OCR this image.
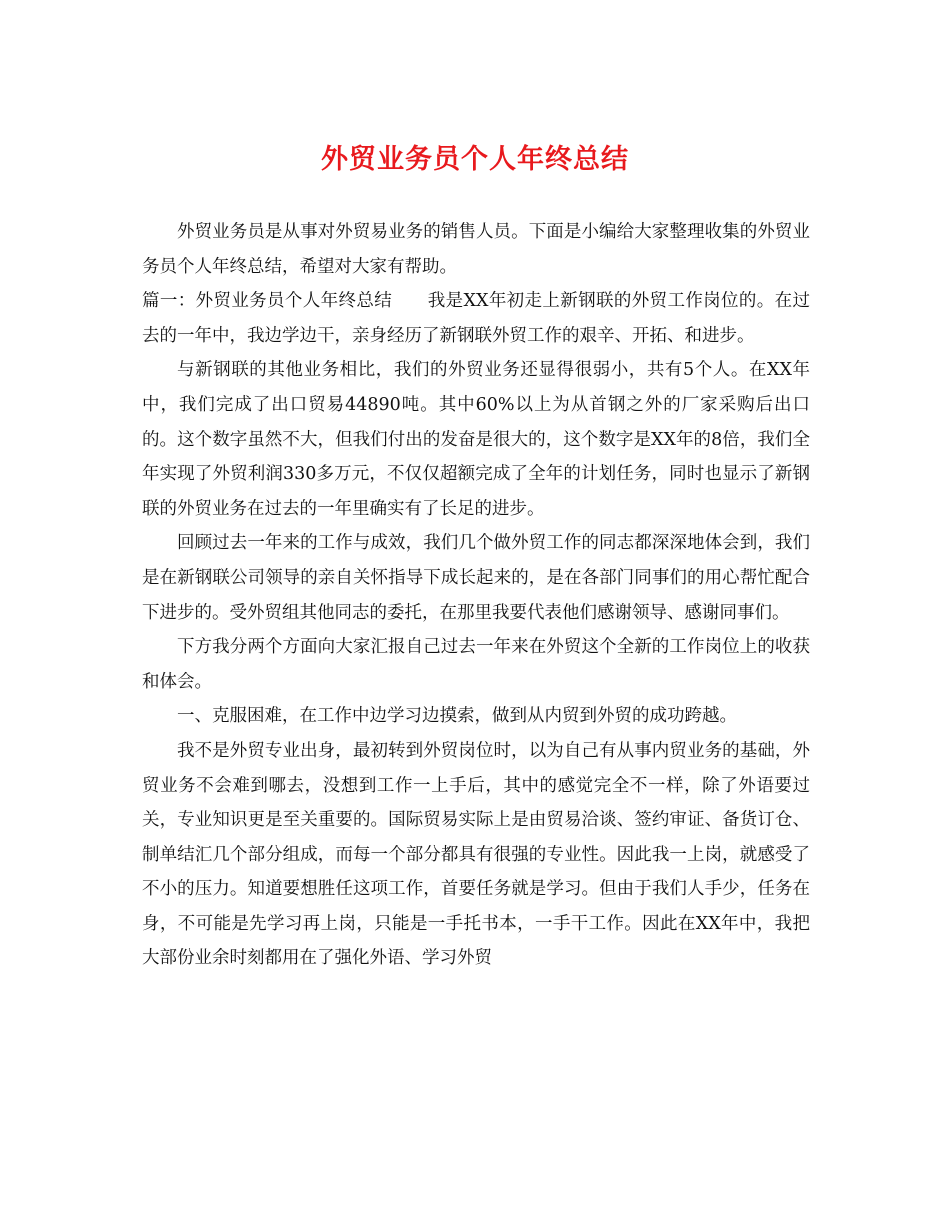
外贸业务员个人年终总结

外贸业务员是从事对外贸易业务的销售人员。下面是小编给大家整理收集的外贸业务员个人年终总结，希望对大家有帮助。

篇一：外贸业务员个人年终总结　　我是XX年初走上新钢联的外贸工作岗位的。在过去的一年中，我边学边干，亲身经历了新钢联外贸工作的艰辛、开拓、和进步。

与新钢联的其他业务相比，我们的外贸业务还显得很弱小，共有5个人。在XX年中，我们完成了出口贸易44890吨。其中60%以上为从首钢之外的厂家采购后出口的。这个数字虽然不大，但我们付出的发奋是很大的，这个数字是XX年的8倍，我们全年实现了外贸利润330多万元，不仅仅超额完成了全年的计划任务，同时也显示了新钢联的外贸业务在过去的一年里确实有了长足的进步。

回顾过去一年来的工作与成效，我们几个做外贸工作的同志都深深地体会到，我们是在新钢联公司领导的亲自关怀指导下成长起来的，是在各部门同事们的用心帮忙配合下进步的。受外贸组其他同志的委托，在那里我要代表他们感谢领导、感谢同事们。

下方我分两个方面向大家汇报自己过去一年来在外贸这个全新的工作岗位上的收获和体会。

一、克服困难，在工作中边学习边摸索，做到从内贸到外贸的成功跨越。

我不是外贸专业出身，最初转到外贸岗位时，以为自己有从事内贸业务的基础，外贸业务不会难到哪去，没想到工作一上手后，其中的感觉完全不一样，除了外语要过关，专业知识更是至关重要的。国际贸易实际上是由贸易洽谈、签约审证、备货订仓、制单结汇几个部分组成，而每一个部分都具有很强的专业性。因此我一上岗，就感受了不小的压力。知道要想胜任这项工作，首要任务就是学习。但由于我们人手少，任务在身，不可能是先学习再上岗，只能是一手托书本，一手干工作。因此在XX年中，我把大部份业余时刻都用在了强化外语、学习外贸
